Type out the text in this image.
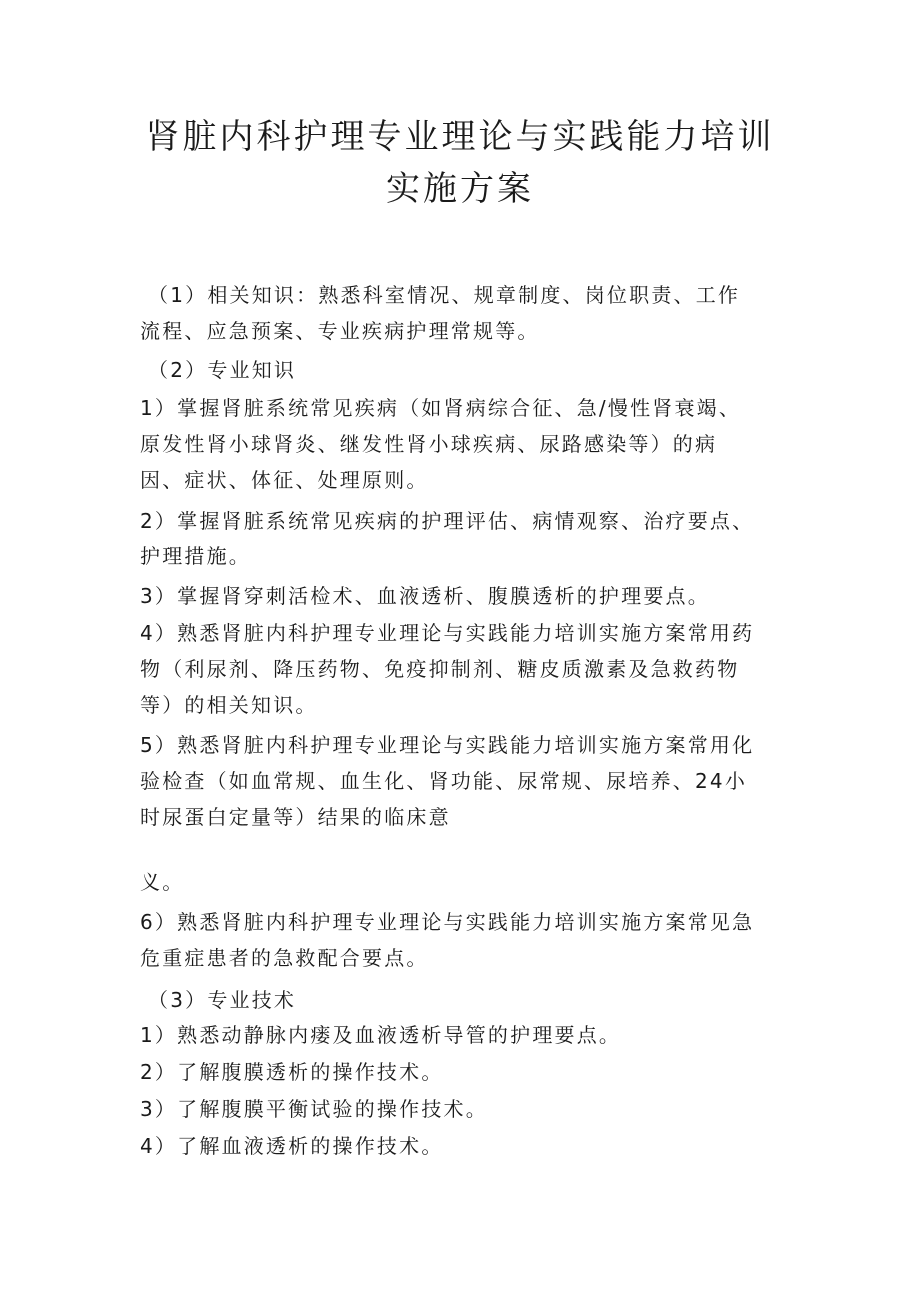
肾脏内科护理专业理论与实践能力培训
实施方案

（1）相关知识：熟悉科室情况、规章制度、岗位职责、工作

流程、应急预案、专业疾病护理常规等。

（2）专业知识

1）掌握肾脏系统常见疾病（如肾病综合征、急/慢性肾衰竭、

原发性肾小球肾炎、继发性肾小球疾病、尿路感染等）的病

因、症状、体征、处理原则。

2）掌握肾脏系统常见疾病的护理评估、病情观察、治疗要点、

护理措施。

3）掌握肾穿刺活检术、血液透析、腹膜透析的护理要点。

4）熟悉肾脏内科护理专业理论与实践能力培训实施方案常用药

物（利尿剂、降压药物、免疫抑制剂、糖皮质激素及急救药物

等）的相关知识。

5）熟悉肾脏内科护理专业理论与实践能力培训实施方案常用化

验检查（如血常规、血生化、肾功能、尿常规、尿培养、24小

时尿蛋白定量等）结果的临床意

义。

6）熟悉肾脏内科护理专业理论与实践能力培训实施方案常见急

危重症患者的急救配合要点。

（3）专业技术

1）熟悉动静脉内瘘及血液透析导管的护理要点。

2）了解腹膜透析的操作技术。

3）了解腹膜平衡试验的操作技术。

4）了解血液透析的操作技术。
